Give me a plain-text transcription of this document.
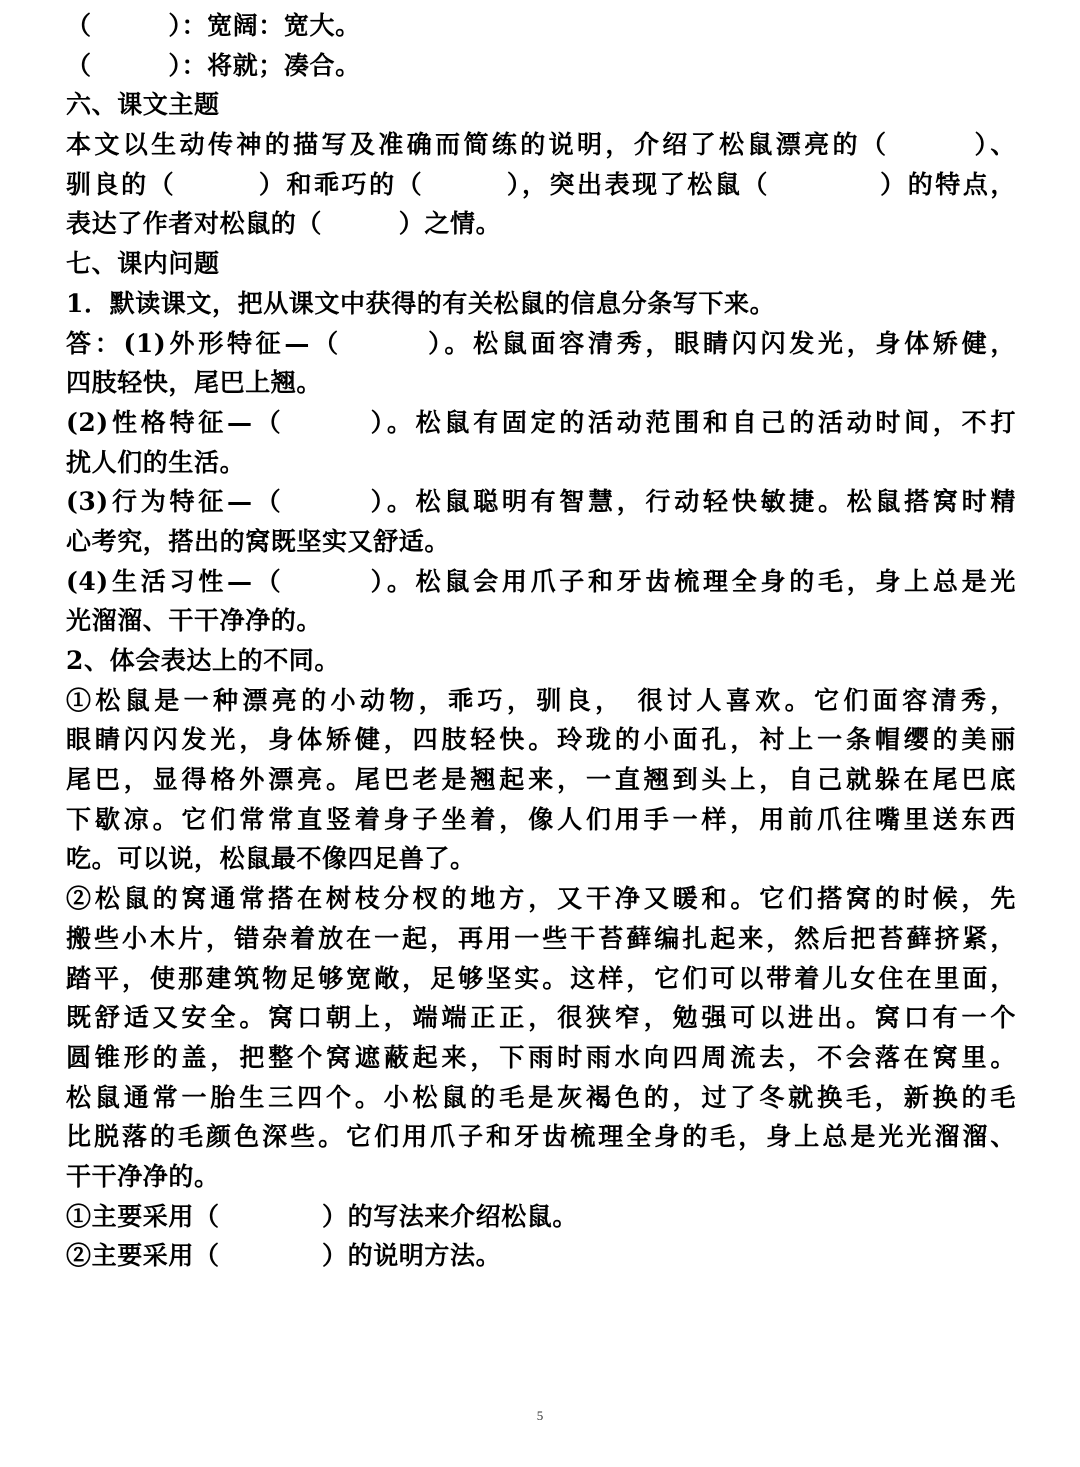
（　　　）：宽阔：宽大。
（　　　）：将就；凑合。
六、课文主题
本文以生动传神的描写及准确而简练的说明，介绍了松鼠漂亮的（　　　）、
驯良的（　　　）和乖巧的（　　　），突出表现了松鼠（　　　　）的特点，
表达了作者对松鼠的（　　　）之情。
七、课内问题
1．默读课文，把从课文中获得的有关松鼠的信息分条写下来。
答：(1)外形特征—（　　　）。松鼠面容清秀，眼睛闪闪发光，身体矫健，
四肢轻快，尾巴上翘。
(2)性格特征—（　　　）。松鼠有固定的活动范围和自己的活动时间，不打
扰人们的生活。
(3)行为特征—（　　　）。松鼠聪明有智慧，行动轻快敏捷。松鼠搭窝时精
心考究，搭出的窝既坚实又舒适。
(4)生活习性—（　　　）。松鼠会用爪子和牙齿梳理全身的毛，身上总是光
光溜溜、干干净净的。
2、体会表达上的不同。
①松鼠是一种漂亮的小动物，乖巧，驯良， 很讨人喜欢。它们面容清秀，
眼睛闪闪发光，身体矫健，四肢轻快。玲珑的小面孔，衬上一条帽缨的美丽
尾巴，显得格外漂亮。尾巴老是翘起来，一直翘到头上，自己就躲在尾巴底
下歇凉。它们常常直竖着身子坐着，像人们用手一样，用前爪往嘴里送东西
吃。可以说，松鼠最不像四足兽了。
②松鼠的窝通常搭在树枝分杈的地方，又干净又暖和。它们搭窝的时候，先
搬些小木片，错杂着放在一起，再用一些干苔藓编扎起来，然后把苔藓挤紧，
踏平，使那建筑物足够宽敞，足够坚实。这样，它们可以带着儿女住在里面，
既舒适又安全。窝口朝上，端端正正，很狭窄，勉强可以进出。窝口有一个
圆锥形的盖，把整个窝遮蔽起来，下雨时雨水向四周流去，不会落在窝里。
松鼠通常一胎生三四个。小松鼠的毛是灰褐色的，过了冬就换毛，新换的毛
比脱落的毛颜色深些。它们用爪子和牙齿梳理全身的毛，身上总是光光溜溜、
干干净净的。
①主要采用（　　　　）的写法来介绍松鼠。
②主要采用（　　　　）的说明方法。
5
